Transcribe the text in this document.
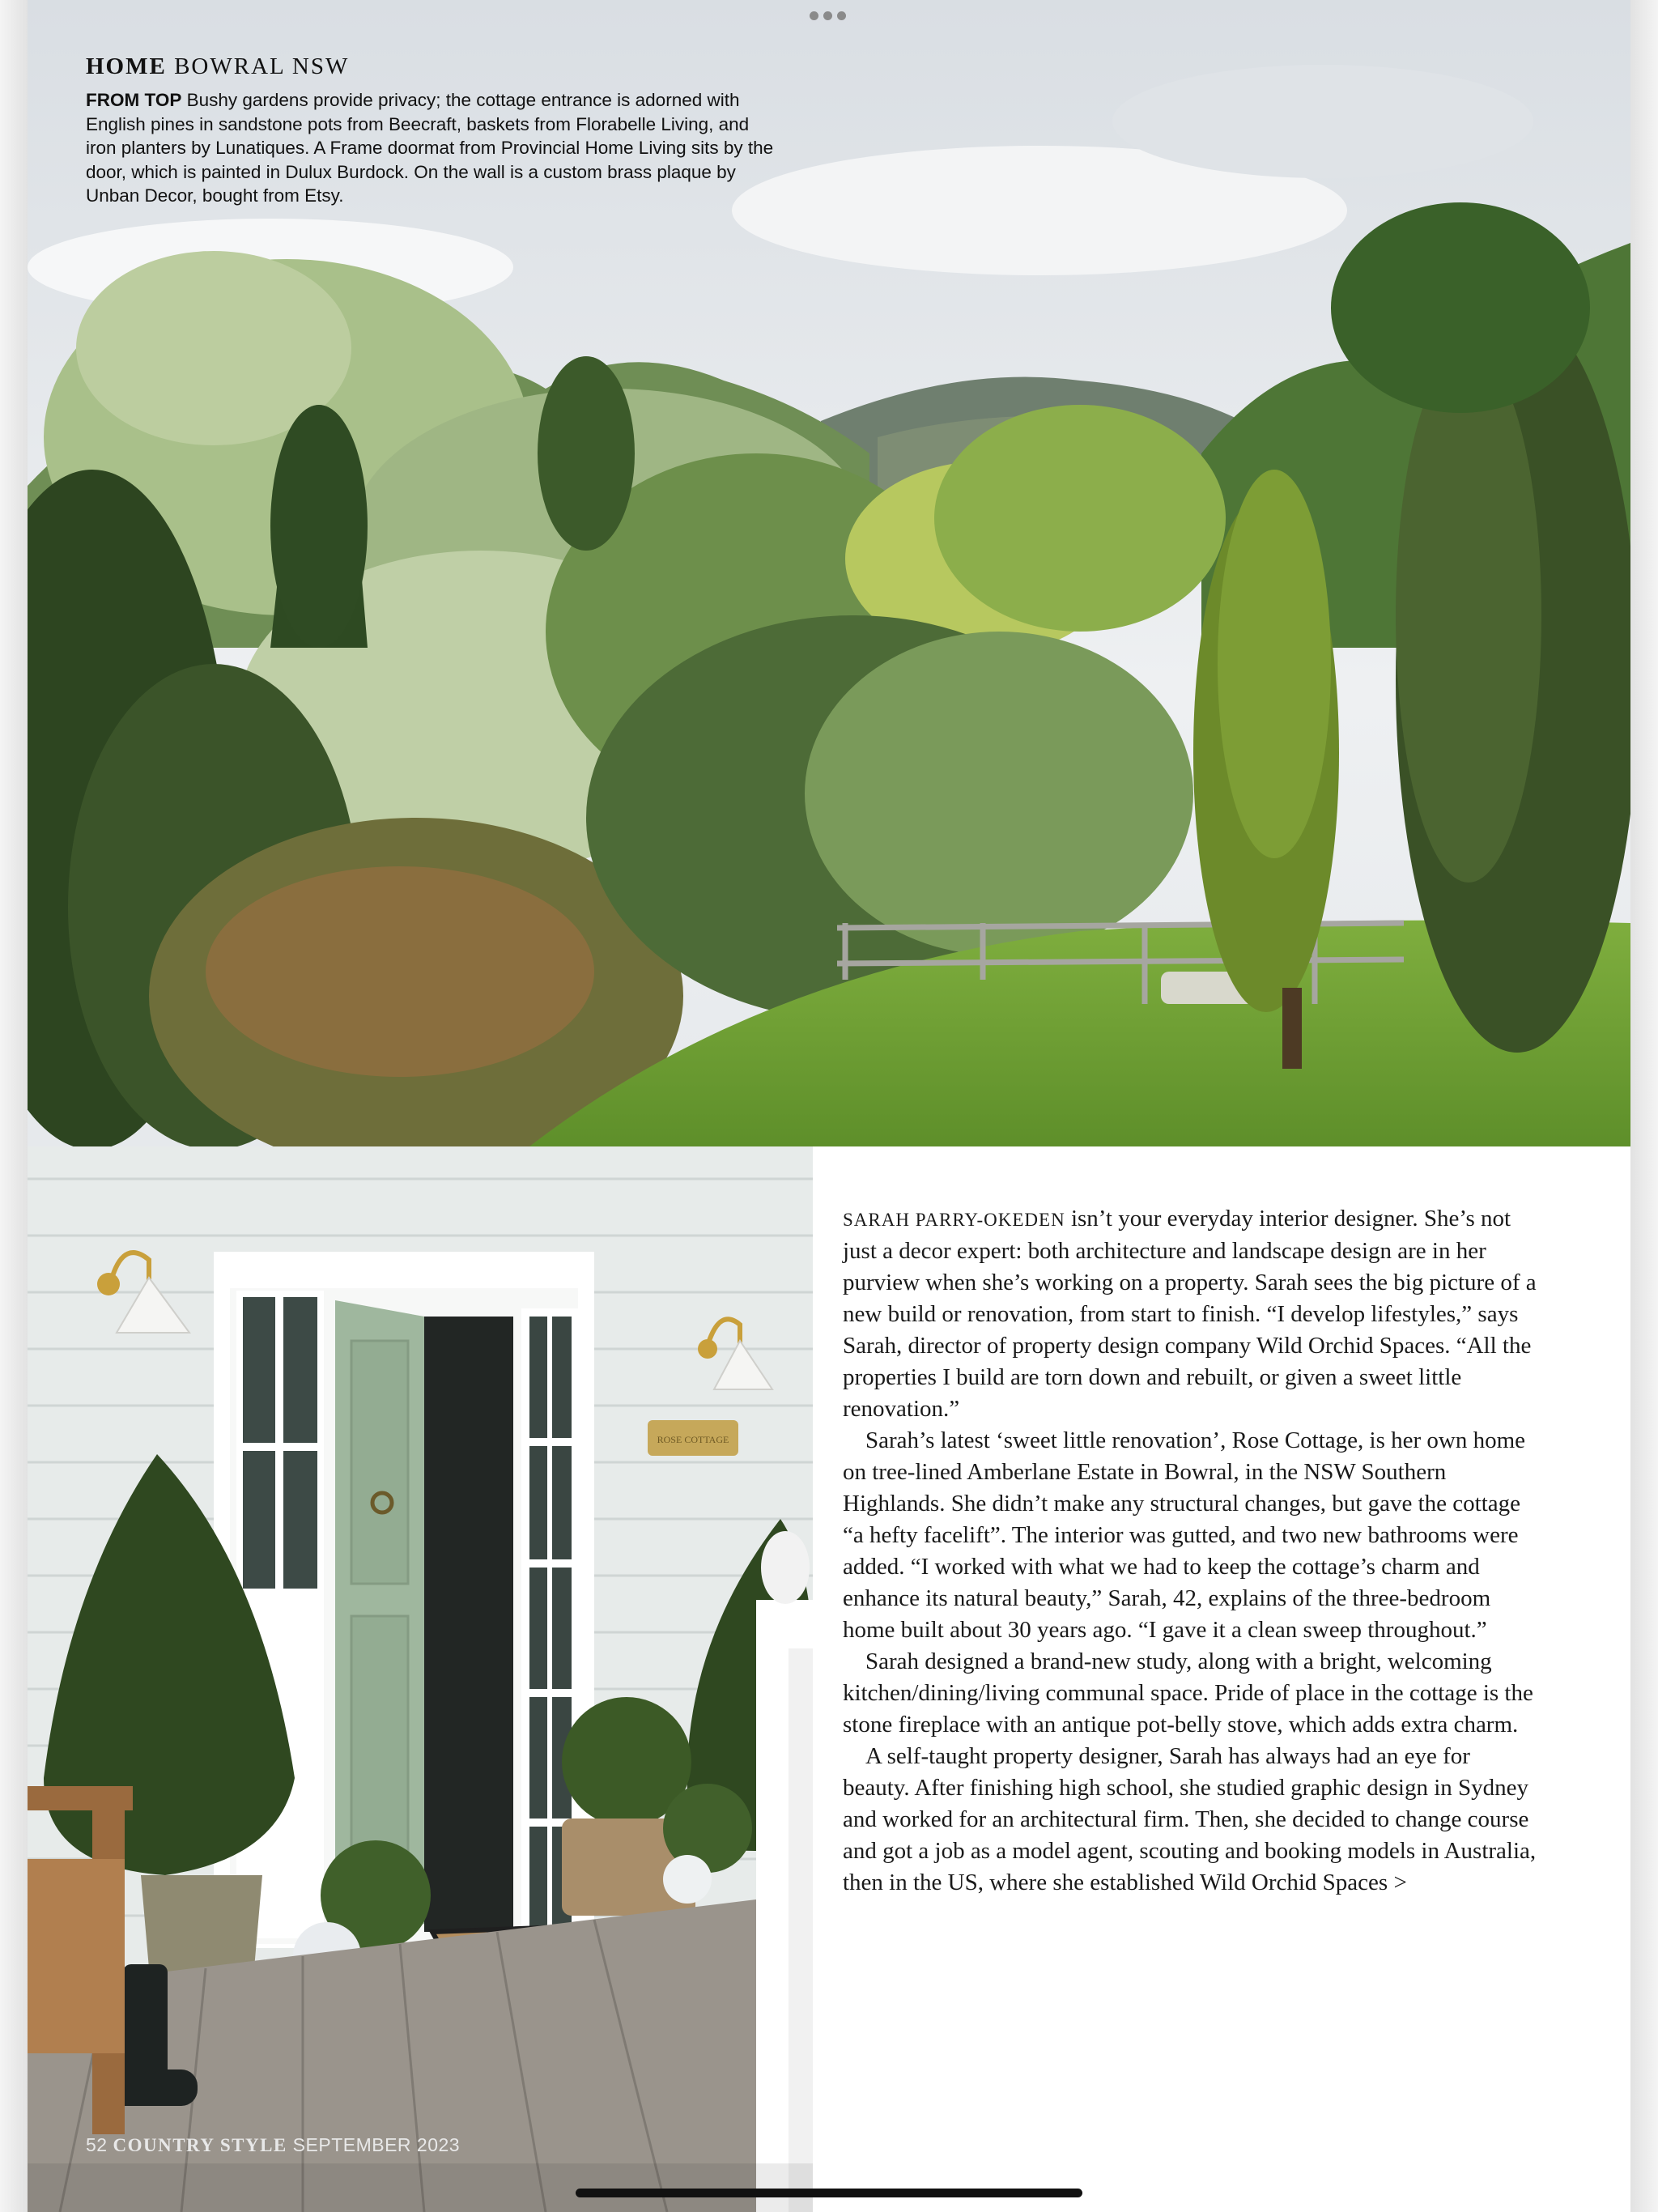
HOME BOWRAL NSW
FROM TOP Bushy gardens provide privacy; the cottage entrance is adorned with English pines in sandstone pots from Beecraft, baskets from Florabelle Living, and iron planters by Lunatiques. A Frame doormat from Provincial Home Living sits by the door, which is painted in Dulux Burdock. On the wall is a custom brass plaque by Unban Decor, bought from Etsy.
ROSE COTTAGE

SARAH PARRY-OKEDEN isn’t your everyday interior designer. She’s not just a decor expert: both architecture and landscape design are in her purview when she’s working on a property. Sarah sees the big picture of a new build or renovation, from start to finish. “I develop lifestyles,” says Sarah, director of property design company Wild Orchid Spaces. “All the properties I build are torn down and rebuilt, or given a sweet little renovation.”

Sarah’s latest ‘sweet little renovation’, Rose Cottage, is her own home on tree-lined Amberlane Estate in Bowral, in the NSW Southern Highlands. She didn’t make any structural changes, but gave the cottage “a hefty facelift”. The interior was gutted, and two new bathrooms were added. “I worked with what we had to keep the cottage’s charm and enhance its natural beauty,” Sarah, 42, explains of the three-bedroom home built about 30 years ago. “I gave it a clean sweep throughout.”

Sarah designed a brand-new study, along with a bright, welcoming kitchen/dining/living communal space. Pride of place in the cottage is the stone fireplace with an antique pot-belly stove, which adds extra charm.

A self-taught property designer, Sarah has always had an eye for beauty. After finishing high school, she studied graphic design in Sydney and worked for an architectural firm. Then, she decided to change course and got a job as a model agent, scouting and booking models in Australia, then in the US, where she established Wild Orchid Spaces >

52 COUNTRY STYLE SEPTEMBER 2023
